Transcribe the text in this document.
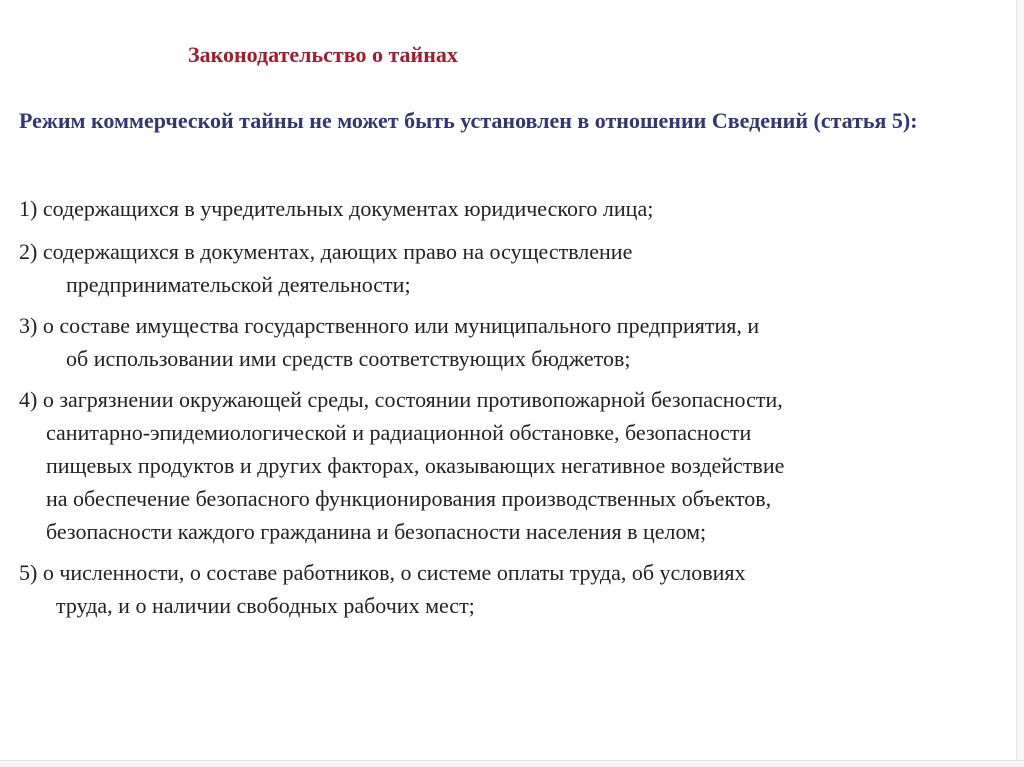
Законодательство о тайнах

Режим коммерческой тайны не может быть установлен в отношении Сведений (статья 5):

1) содержащихся в учредительных документах юридического лица;
2) содержащихся в документах, дающих право на осуществление
предпринимательской деятельности;
3) о составе имущества государственного или муниципального предприятия, и
об использовании ими средств соответствующих бюджетов;
4) о загрязнении окружающей среды, состоянии противопожарной безопасности,
санитарно-эпидемиологической и радиационной обстановке, безопасности
пищевых продуктов и других факторах, оказывающих негативное воздействие
на обеспечение безопасного функционирования производственных объектов,
безопасности каждого гражданина и безопасности населения в целом;
5) о численности, о составе работников, о системе оплаты труда, об условиях
труда, и о наличии свободных рабочих мест;
